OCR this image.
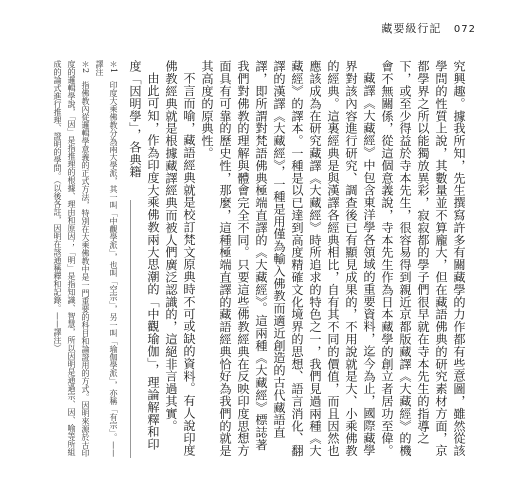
藏要級行記 072

究興趣。據我所知，先生撰寫許多有關藏學的力作都有些意圖，雖然從該學問的性質上說，其數量並不算龐大，但在藏語佛典的研究素材方面，京都學界之所以能獨放異彩，寂寂都的學子們很早就在寺本先生的指導之下，或至少得益於寺本先生，很容易得到親近京都版藏譯《大藏經》的機會不無關係，從這個意義說，寺本先生作為日本藏學的創立者居功至偉。

藏譯《大藏經》中包含東洋學各領域的重要資料，迄今為止，國際藏學界對該內容進行研究、調查後已有顯見成果的，不用說就是大、小乘佛教的經典。這裏經典是與漢譯各經典相比，自有其不同的價值，而且因然也應該成為在研究藏譯《大藏經》時所追求的特色之一，我們見過兩種《大藏經》的譯本。一種是以已達到高度精確文化境界的思想、語言消化、翻譯的漢譯《大藏經》，一種是用僅為輸入佛教而適近創造的古代藏語直譯，即所謂對梵語佛典極端直譯的《大藏經》。這兩種《大藏經》標誌著我們對佛教的理解與體會完全不同。只要這些佛教經典在反映印度思想方面具有可靠的歷史性，那麼，這種極端直譯的藏語經典恰好為我們的就是其高度的原典性。

不言而喻，藏語經典就是校訂梵文原典時不可或缺的資料。有人說印度佛教經典就是根據藏譯經典而被人們廣泛認識的，這絕非言過其實。

由此可知，作為印度大乘佛教兩大思潮的「中觀瑜伽」，理論解釋和印度「因明學」，各典籍

＊1　印度大乘佛教分為兩大學派，其一叫「中觀學派」，也叫「空宗」，另一叫「瑜伽學派」，亦稱「有宗」。——譯注

＊2　指佛教內從邏輯學意義的正式方法，特別在大乘佛教中是一門重要的科目和論證用的方式。因明來源於古印度的邏輯學說，「因」是指推理的根據、理由和原因；「明」是指知識、智慧，所以因明是通過宗、因、喻等所組成的論式進行推理、證明的學問。（以後各註，因明在該通稱釋和記錄。——譯注）
